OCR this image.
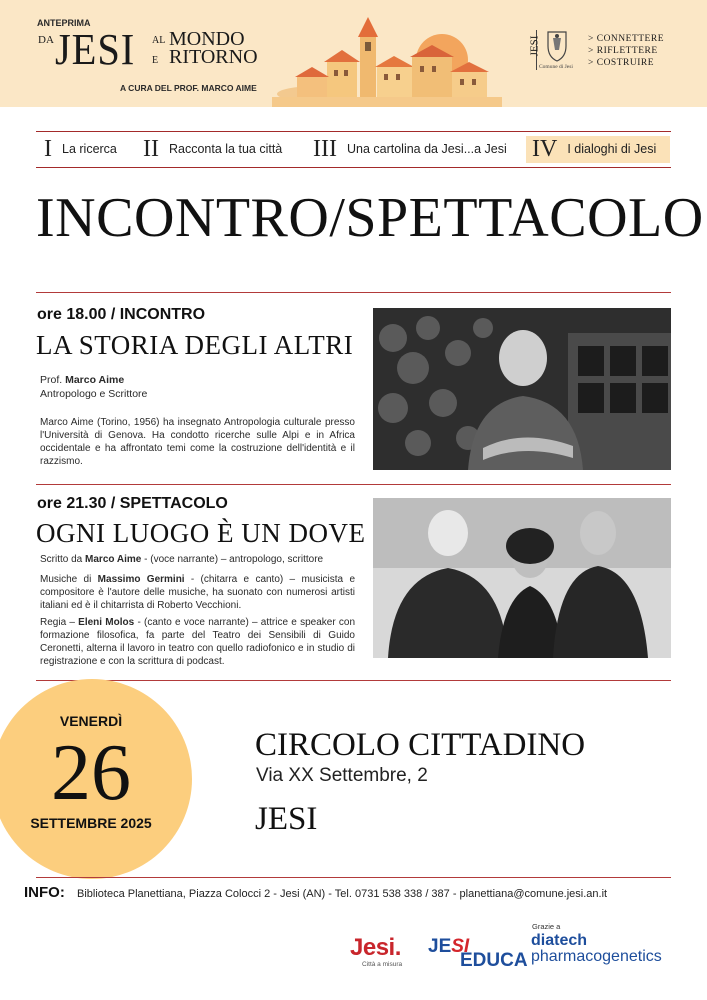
ANTEPRIMA
DA JESI AL MONDO
E RITORNO
A CURA DEL PROF. MARCO AIME
JESI
Comune di Jesi
> CONNETTERE
> RIFLETTERE
> COSTRUIRE
I La ricerca II Racconta la tua città III Una cartolina da Jesi...a Jesi IV I dialoghi di Jesi
INCONTRO/SPETTACOLO
ore 18.00 / INCONTRO
LA STORIA DEGLI ALTRI
Prof. Marco Aime
Antropologo e Scrittore
Marco Aime (Torino, 1956) ha insegnato Antropologia culturale presso l'Università di Genova. Ha condotto ricerche sulle Alpi e in Africa occidentale e ha affrontato temi come la costruzione dell'identità e il razzismo.
ore 21.30 / SPETTACOLO
OGNI LUOGO È UN DOVE
Scritto da Marco Aime - (voce narrante) – antropologo, scrittore
Musiche di Massimo Germini - (chitarra e canto) – musicista e compositore è l'autore delle musiche, ha suonato con numerosi artisti italiani ed è il chitarrista di Roberto Vecchioni.
Regia – Eleni Molos - (canto e voce narrante) – attrice e speaker con formazione filosofica, fa parte del Teatro dei Sensibili di Guido Ceronetti, alterna il lavoro in teatro con quello radiofonico e in studio di registrazione e con la scrittura di podcast.
VENERDÌ
26
SETTEMBRE 2025
CIRCOLO CITTADINO
Via XX Settembre, 2
JESI
INFO: Biblioteca Planettiana, Piazza Colocci 2 - Jesi (AN) - Tel. 0731 538 338 / 387 - planettiana@comune.jesi.an.it
Jesi.
Città a misura
JESI
EDUCA
Grazie a
diatech
pharmacogenetics
